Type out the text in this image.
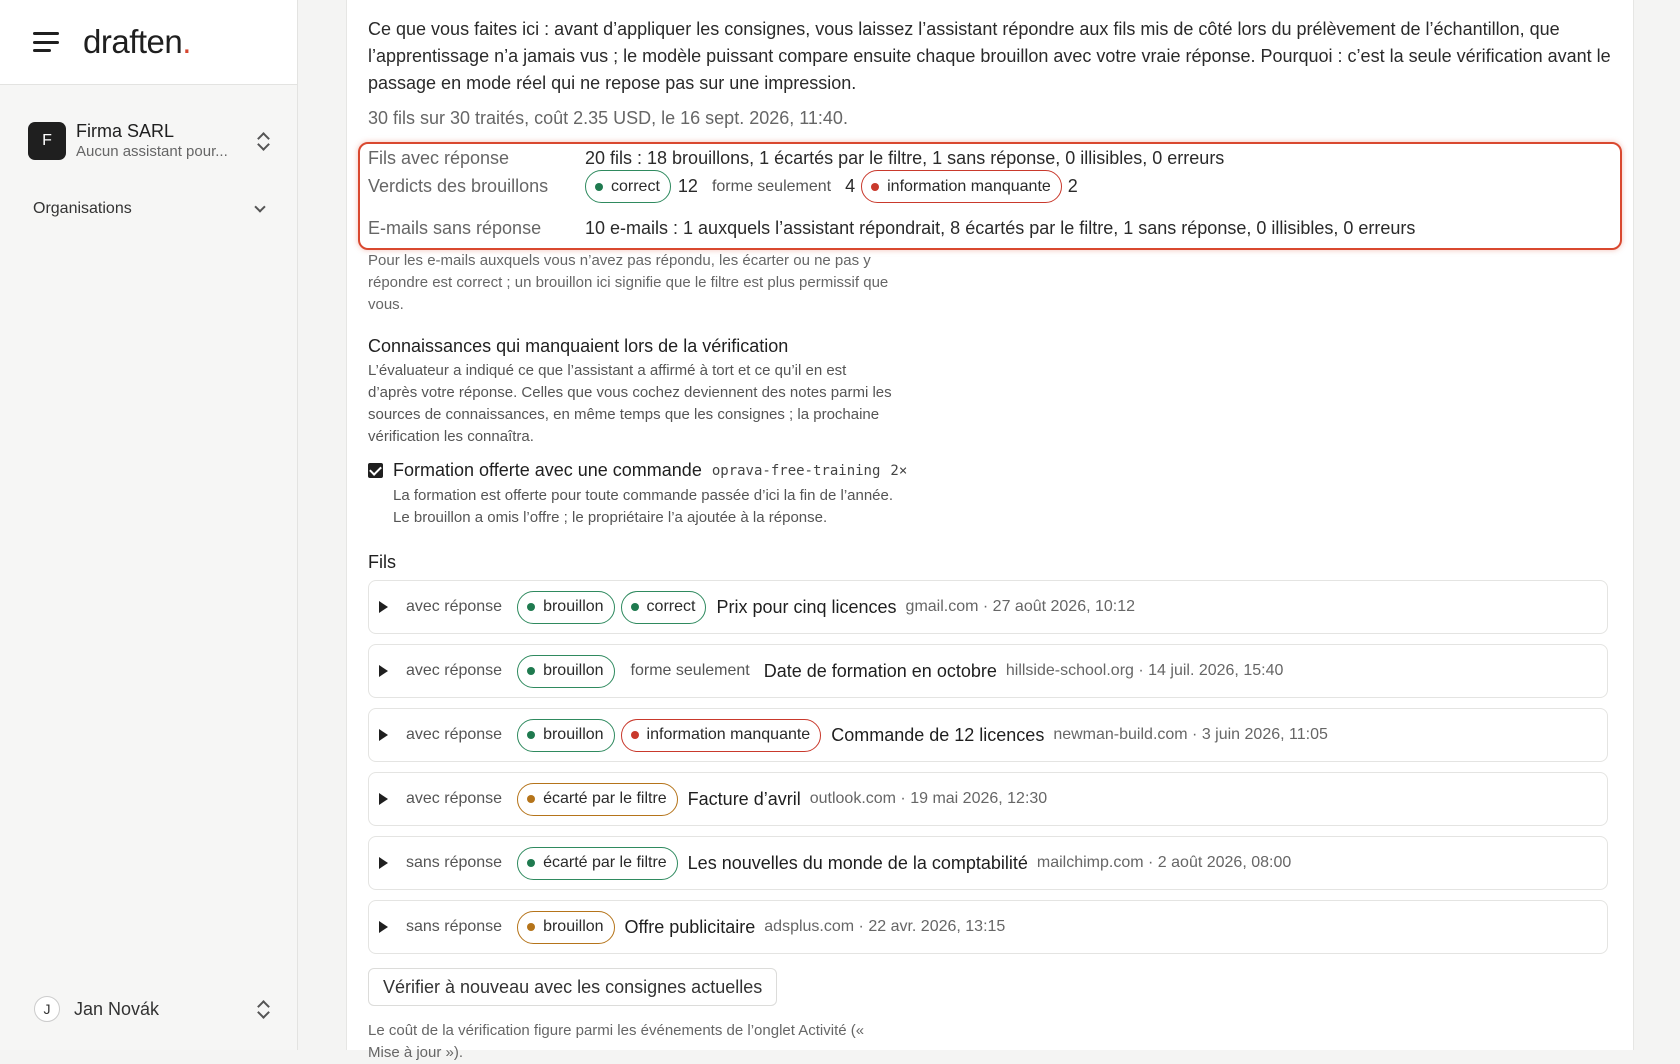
draften.
F	Firma SARL
Aucun assistant pour...
Organisations
J	Jan Novák

Ce que vous faites ici : avant d’appliquer les consignes, vous laissez l’assistant répondre aux fils mis de côté lors du prélèvement de l’échantillon, que l’apprentissage n’a jamais vus ; le modèle puissant compare ensuite chaque brouillon avec votre vraie réponse. Pourquoi : c’est la seule vérification avant le passage en mode réel qui ne repose pas sur une impression.

30 fils sur 30 traités, coût 2.35 USD, le 16 sept. 2026, 11:40.

Fils avec réponse	20 fils : 18 brouillons, 1 écartés par le filtre, 1 sans réponse, 0 illisibles, 0 erreurs
Verdicts des brouillons	correct 12 forme seulement 4 information manquante 2
E-mails sans réponse	10 e-mails : 1 auxquels l’assistant répondrait, 8 écartés par le filtre, 1 sans réponse, 0 illisibles, 0 erreurs

Pour les e-mails auxquels vous n’avez pas répondu, les écarter ou ne pas y répondre est correct ; un brouillon ici signifie que le filtre est plus permissif que vous.

Connaissances qui manquaient lors de la vérification

L’évaluateur a indiqué ce que l’assistant a affirmé à tort et ce qu’il en est d’après votre réponse. Celles que vous cochez deviennent des notes parmi les sources de connaissances, en même temps que les consignes ; la prochaine vérification les connaîtra.

Formation offerte avec une commande oprava-free-training 2×
La formation est offerte pour toute commande passée d’ici la fin de l’année.
Le brouillon a omis l’offre ; le propriétaire l’a ajoutée à la réponse.
Fils
avec réponse	brouillon	correct Prix pour cinq licences gmail.com · 27 août 2026, 10:12
avec réponse	brouillon forme seulement Date de formation en octobre hillside-school.org · 14 juil. 2026, 15:40
avec réponse	brouillon	information manquante Commande de 12 licences newman-build.com · 3 juin 2026, 11:05
avec réponse	écarté par le filtre Facture d’avril outlook.com · 19 mai 2026, 12:30
sans réponse	écarté par le filtre Les nouvelles du monde de la comptabilité mailchimp.com · 2 août 2026, 08:00
sans réponse	brouillon Offre publicitaire adsplus.com · 22 avr. 2026, 13:15
Vérifier à nouveau avec les consignes actuelles

Le coût de la vérification figure parmi les événements de l’onglet Activité (« Mise à jour »).
